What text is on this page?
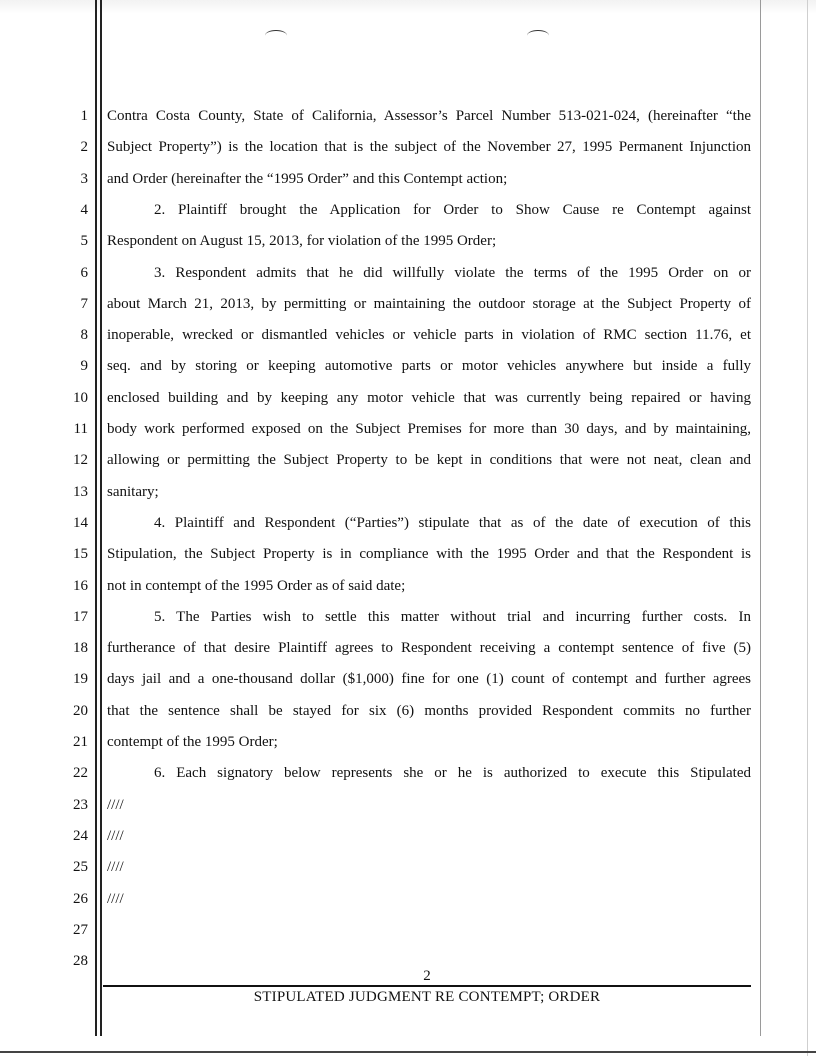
1
2
3
4
5
6
7
8
9
10
11
12
13
14
15
16
17
18
19
20
21
22
23
24
25
26
27
28
Contra Costa County, State of California, Assessor’s Parcel Number 513-021-024, (hereinafter “the
Subject Property”) is the location that is the subject of the November 27, 1995 Permanent Injunction
and Order (hereinafter the “1995 Order” and this Contempt action;
2. Plaintiff brought the Application for Order to Show Cause re Contempt against
Respondent on August 15, 2013, for violation of the 1995 Order;
3. Respondent admits that he did willfully violate the terms of the 1995 Order on or
about March 21, 2013, by permitting or maintaining the outdoor storage at the Subject Property of
inoperable, wrecked or dismantled vehicles or vehicle parts in violation of RMC section 11.76, et
seq. and by storing or keeping automotive parts or motor vehicles anywhere but inside a fully
enclosed building and by keeping any motor vehicle that was currently being repaired or having
body work performed exposed on the Subject Premises for more than 30 days, and by maintaining,
allowing or permitting the Subject Property to be kept in conditions that were not neat, clean and
sanitary;
4. Plaintiff and Respondent (“Parties”) stipulate that as of the date of execution of this
Stipulation, the Subject Property is in compliance with the 1995 Order and that the Respondent is
not in contempt of the 1995 Order as of said date;
5. The Parties wish to settle this matter without trial and incurring further costs. In
furtherance of that desire Plaintiff agrees to Respondent receiving a contempt sentence of five (5)
days jail and a one-thousand dollar ($1,000) fine for one (1) count of contempt and further agrees
that the sentence shall be stayed for six (6) months provided Respondent commits no further
contempt of the 1995 Order;
6. Each signatory below represents she or he is authorized to execute this Stipulated
////
////
////
////
2
STIPULATED JUDGMENT RE CONTEMPT; ORDER
